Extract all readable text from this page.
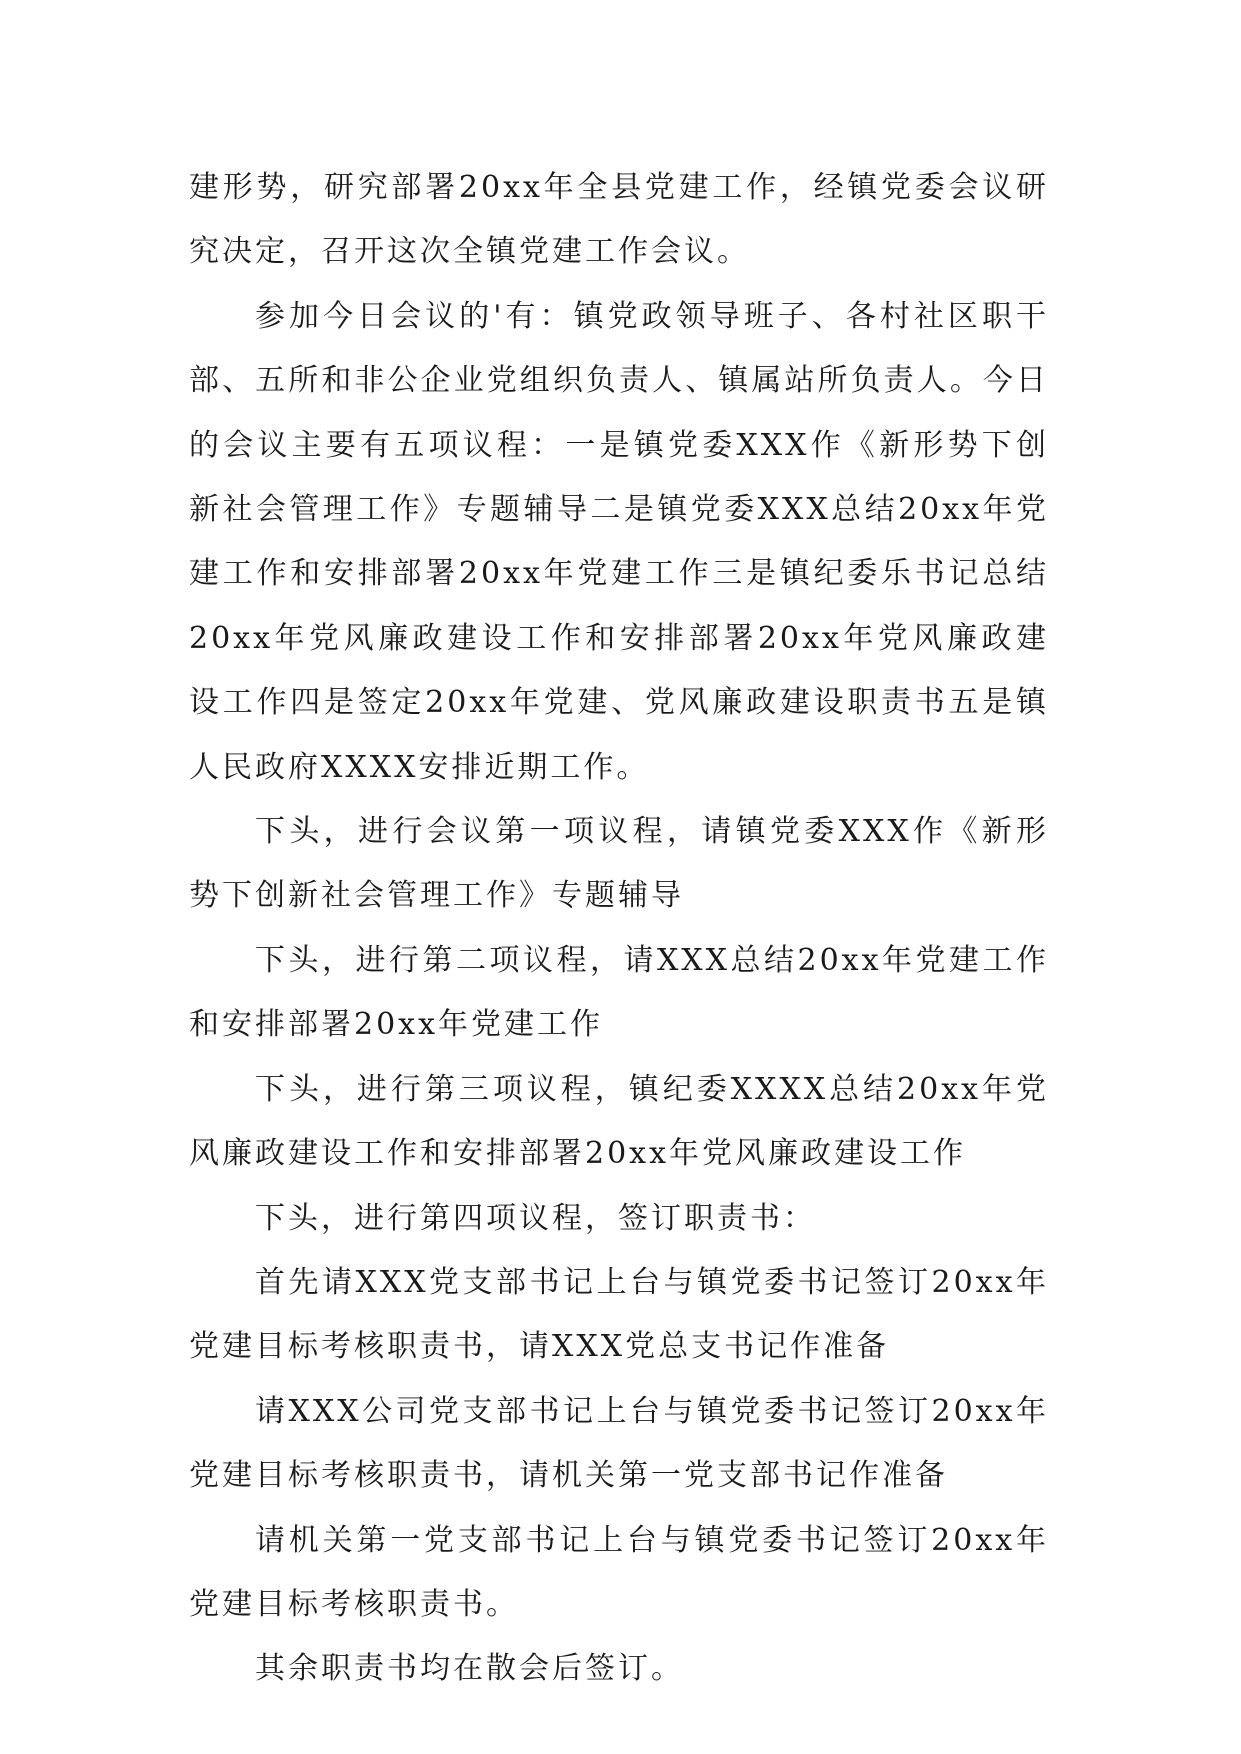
建形势，研究部署20xx年全县党建工作，经镇党委会议研究决定，召开这次全镇党建工作会议。

参加今日会议的'有：镇党政领导班子、各村社区职干部、五所和非公企业党组织负责人、镇属站所负责人。今日的会议主要有五项议程：一是镇党委XXX作《新形势下创新社会管理工作》专题辅导二是镇党委XXX总结20xx年党建工作和安排部署20xx年党建工作三是镇纪委乐书记总结20xx年党风廉政建设工作和安排部署20xx年党风廉政建设工作四是签定20xx年党建、党风廉政建设职责书五是镇人民政府XXXX安排近期工作。

下头，进行会议第一项议程，请镇党委XXX作《新形势下创新社会管理工作》专题辅导

下头，进行第二项议程，请XXX总结20xx年党建工作和安排部署20xx年党建工作

下头，进行第三项议程，镇纪委XXXX总结20xx年党风廉政建设工作和安排部署20xx年党风廉政建设工作

下头，进行第四项议程，签订职责书：

首先请XXX党支部书记上台与镇党委书记签订20xx年党建目标考核职责书，请XXX党总支书记作准备

请XXX公司党支部书记上台与镇党委书记签订20xx年党建目标考核职责书，请机关第一党支部书记作准备

请机关第一党支部书记上台与镇党委书记签订20xx年党建目标考核职责书。

其余职责书均在散会后签订。
